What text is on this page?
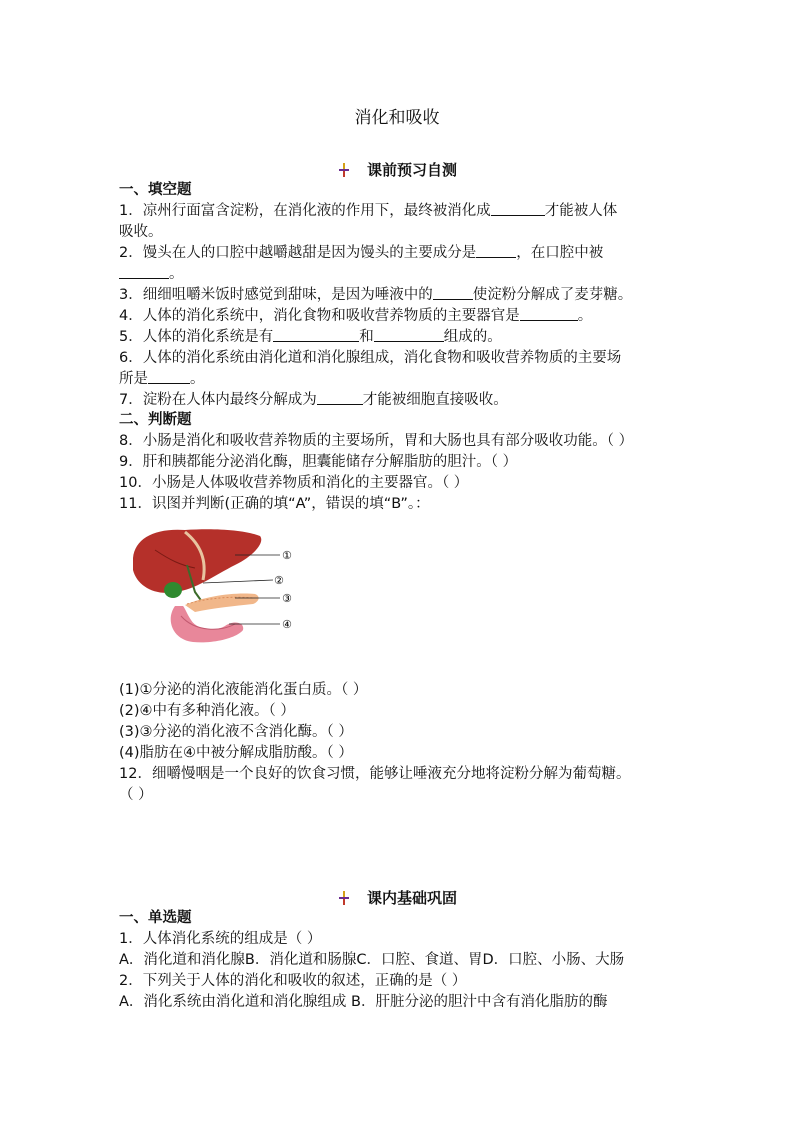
消化和吸收
课前预习自测
一、填空题
1．凉州行面富含淀粉，在消化液的作用下，最终被消化成	才能被人体
吸收。
2．馒头在人的口腔中越嚼越甜是因为馒头的主要成分是	，在口腔中被
。
3．细细咀嚼米饭时感觉到甜味，是因为唾液中的	使淀粉分解成了麦芽糖。
4．人体的消化系统中，消化食物和吸收营养物质的主要器官是	。
5．人体的消化系统是有	和	组成的。
6．人体的消化系统由消化道和消化腺组成，消化食物和吸收营养物质的主要场
所是	。
7．淀粉在人体内最终分解成为	才能被细胞直接吸收。
二、判断题
8．小肠是消化和吸收营养物质的主要场所，胃和大肠也具有部分吸收功能。（ ）
9．肝和胰都能分泌消化酶，胆囊能储存分解脂肪的胆汁。（ ）
10．小肠是人体吸收营养物质和消化的主要器官。（ ）
11．识图并判断(正确的填“A”，错误的填“B”。：
①
②
③
④
(1)①分泌的消化液能消化蛋白质。（ ）
(2)④中有多种消化液。（ ）
(3)③分泌的消化液不含消化酶。（ ）
(4)脂肪在④中被分解成脂肪酸。（ ）
12．细嚼慢咽是一个良好的饮食习惯，能够让唾液充分地将淀粉分解为葡萄糖。
（ ）
课内基础巩固
一、单选题
1．人体消化系统的组成是（ ）
A．消化道和消化腺B．消化道和肠腺C．口腔、食道、胃D．口腔、小肠、大肠
2．下列关于人体的消化和吸收的叙述，正确的是（ ）
A．消化系统由消化道和消化腺组成 B．肝脏分泌的胆汁中含有消化脂肪的酶
